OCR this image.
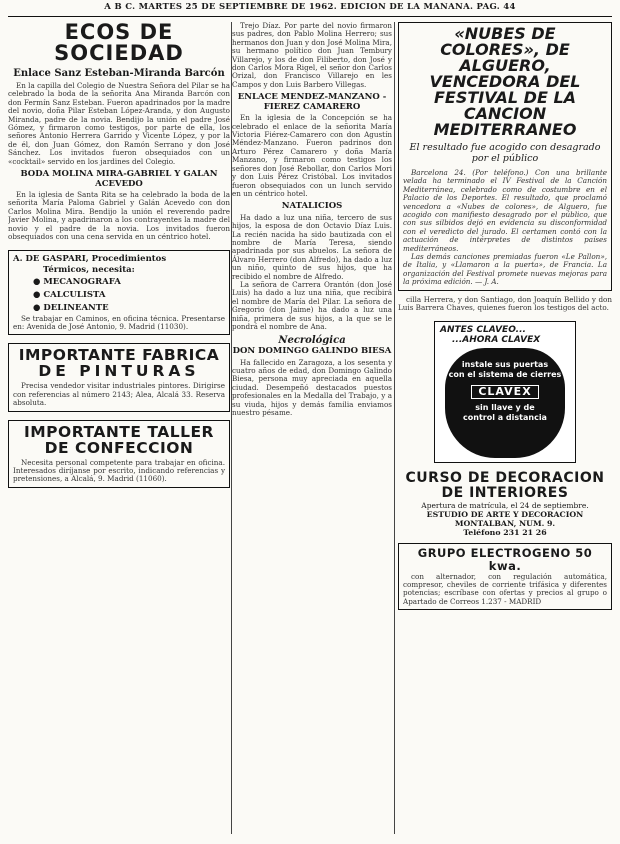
A B C. MARTES 25 DE SEPTIEMBRE DE 1962. EDICION DE LA MAÑANA. PAG. 44
ECOS DE
SOCIEDAD
Enlace Sanz Esteban-Miranda Barcón

En la capilla del Colegio de Nuestra Señora del Pilar se ha celebrado la boda de la señorita Ana Miranda Barcón con don Fermín Sanz Esteban. Fueron apadrinados por la madre del novio, doña Pilar Esteban López-Aranda, y don Augusto Miranda, padre de la novia. Bendijo la unión el padre José Gómez, y firmaron como testigos, por parte de ella, los señores Antonio Herrera Garrido y Vicente López, y por la de él, don Juan Gómez, don Ramón Serrano y don José Sánchez. Los invitados fueron obsequiados con un «cocktail» servido en los jardines del Colegio.

BODA MOLINA MIRA-GABRIEL Y GALAN ACEVEDO

En la iglesia de Santa Rita se ha celebrado la boda de la señorita María Paloma Gabriel y Galán Acevedo con don Carlos Molina Mira. Bendijo la unión el reverendo padre Javier Molina, y apadrinaron a los contrayentes la madre del novio y el padre de la novia. Los invitados fueron obsequiados con una cena servida en un céntrico hotel.

A. DE GASPARI, Procedimientos
Térmicos, necesita:
● MECANOGRAFA
● CALCULISTA
● DELINEANTE

Se trabajar en Caminos, en oficina técnica. Presentarse en: Avenida de José Antonio, 9. Madrid (11030).

IMPORTANTE FABRICA
DE PINTURAS

Precisa vendedor visitar industriales pintores. Dirigirse con referencias al número 2143; Alea, Alcalá 33. Reserva absoluta.

IMPORTANTE TALLER
DE CONFECCION

Necesita personal competente para trabajar en oficina. Interesados diríjanse por escrito, indicando referencias y pretensiones, a Alcalá, 9. Madrid (11060).

Trejo Díaz. Por parte del novio firmaron sus padres, don Pablo Molina Herrero; sus hermanos don Juan y don José Molina Mira, su hermano político don Juan Tembury Villarejo, y los de don Filiberto, don José y don Carlos Mora Rigel, el señor don Carlos Orizal, don Francisco Villarejo en les Campos y don Luis Barbero Villegas.

ENLACE MENDEZ-MANZANO - FIEREZ CAMARERO

En la iglesia de la Concepción se ha celebrado el enlace de la señorita María Victoria Fiérez-Camarero con don Agustín Méndez-Manzano. Fueron padrinos don Arturo Pérez Camarero y doña María Manzano, y firmaron como testigos los señores don José Rebollar, don Carlos Mori y don Luis Pérez Cristóbal. Los invitados fueron obsequiados con un lunch servido en un céntrico hotel.

NATALICIOS

Ha dado a luz una niña, tercero de sus hijos, la esposa de don Octavio Díaz Luis. La recién nacida ha sido bautizada con el nombre de María Teresa, siendo apadrinada por sus abuelos. La señora de Álvaro Herrero (don Alfredo), ha dado a luz un niño, quinto de sus hijos, que ha recibido el nombre de Alfredo.

La señora de Carrera Orantón (don José Luis) ha dado a luz una niña, que recibirá el nombre de María del Pilar. La señora de Gregorio (don Jaime) ha dado a luz una niña, primera de sus hijos, a la que se le pondrá el nombre de Ana.

Necrológica
DON DOMINGO GALINDO BIESA

Ha fallecido en Zaragoza, a los sesenta y cuatro años de edad, don Domingo Galindo Biesa, persona muy apreciada en aquella ciudad. Desempeñó destacados puestos profesionales en la Medalla del Trabajo, y a su viuda, hijos y demás familia enviamos nuestro pésame.

«NUBES DE COLORES», DE ALGUERO, VENCEDORA DEL FESTIVAL DE LA CANCION MEDITERRANEO
El resultado fue acogido con desagrado por el público

Barcelona 24. (Por teléfono.) Con una brillante velada ha terminado el IV Festival de la Canción Mediterránea, celebrado como de costumbre en el Palacio de los Deportes. El resultado, que proclamó vencedora a «Nubes de colores», de Alguero, fue acogido con manifiesto desagrado por el público, que con sus silbidos dejó en evidencia su disconformidad con el veredicto del jurado. El certamen contó con la actuación de intérpretes de distintos países mediterráneos.

Las demás canciones premiadas fueron «Le Pallon», de Italia, y «Llamaron a la puerta», de Francia. La organización del Festival promete nuevas mejoras para la próxima edición. — J. A.

cilla Herrera, y don Santiago, don Joaquín Bellido y don Luis Barrera Chaves, quienes fueron los testigos del acto.

ANTES CLAVEO...
...AHORA CLAVEX
instale sus puertas
con el sistema de cierres
CLAVEX
sin llave y de
control a distancia
CURSO DE DECORACION
DE INTERIORES
Apertura de matrícula, el 24 de septiembre.
ESTUDIO DE ARTE Y DECORACION
MONTALBAN, NUM. 9.
Teléfono 231 21 26
GRUPO ELECTROGENO 50 kwa.

con alternador, con regulación automática, compresor, cheviles de corriente trifásica y diferentes potencias; escríbase con ofertas y precios al grupo o Apartado de Correos 1.237 - MADRID
